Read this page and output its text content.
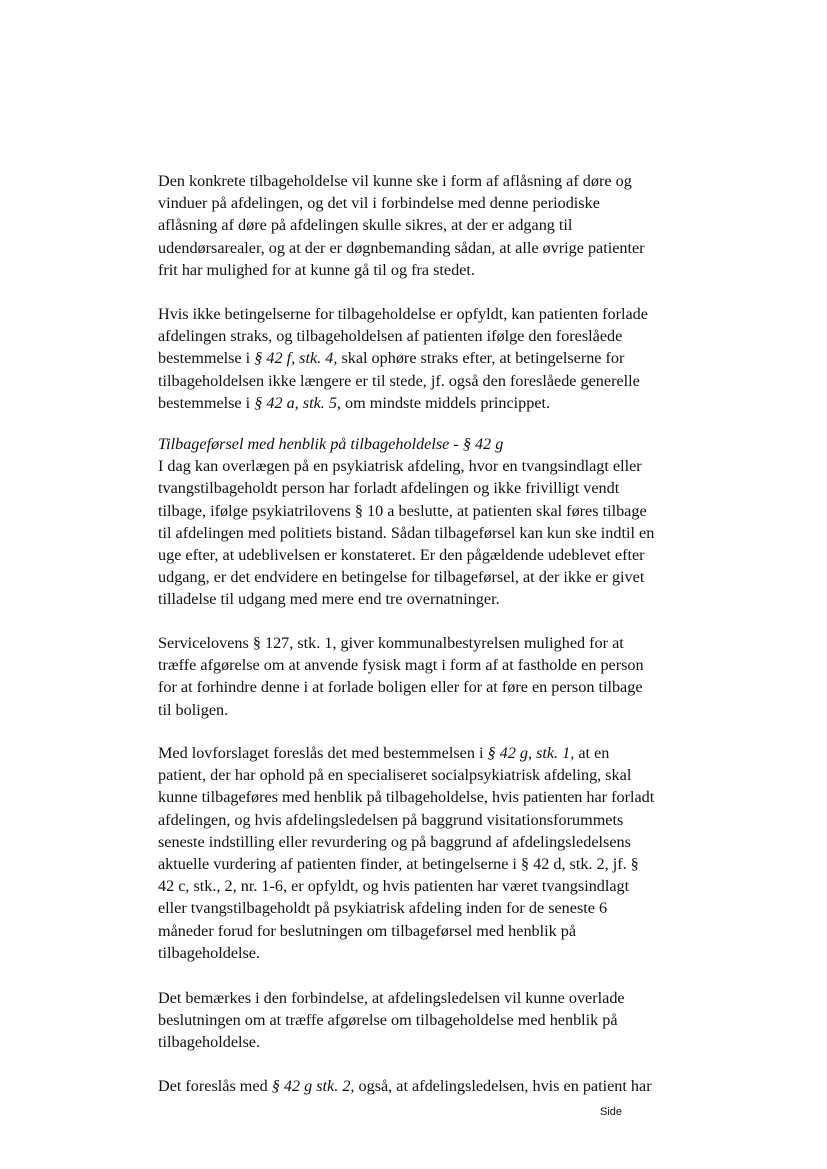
Den konkrete tilbageholdelse vil kunne ske i form af aflåsning af døre og
vinduer på afdelingen, og det vil i forbindelse med denne periodiske
aflåsning af døre på afdelingen skulle sikres, at der er adgang til
udendørsarealer, og at der er døgnbemanding sådan, at alle øvrige patienter
frit har mulighed for at kunne gå til og fra stedet.
Hvis ikke betingelserne for tilbageholdelse er opfyldt, kan patienten forlade
afdelingen straks, og tilbageholdelsen af patienten ifølge den foreslåede
bestemmelse i § 42 f, stk. 4, skal ophøre straks efter, at betingelserne for
tilbageholdelsen ikke længere er til stede, jf. også den foreslåede generelle
bestemmelse i § 42 a, stk. 5, om mindste middels princippet.
Tilbageførsel med henblik på tilbageholdelse - § 42 g
I dag kan overlægen på en psykiatrisk afdeling, hvor en tvangsindlagt eller
tvangstilbageholdt person har forladt afdelingen og ikke frivilligt vendt
tilbage, ifølge psykiatrilovens § 10 a beslutte, at patienten skal føres tilbage
til afdelingen med politiets bistand. Sådan tilbageførsel kan kun ske indtil en
uge efter, at udeblivelsen er konstateret. Er den pågældende udeblevet efter
udgang, er det endvidere en betingelse for tilbageførsel, at der ikke er givet
tilladelse til udgang med mere end tre overnatninger.
Servicelovens § 127, stk. 1, giver kommunalbestyrelsen mulighed for at
træffe afgørelse om at anvende fysisk magt i form af at fastholde en person
for at forhindre denne i at forlade boligen eller for at føre en person tilbage
til boligen.
Med lovforslaget foreslås det med bestemmelsen i § 42 g, stk. 1, at en
patient, der har ophold på en specialiseret socialpsykiatrisk afdeling, skal
kunne tilbageføres med henblik på tilbageholdelse, hvis patienten har forladt
afdelingen, og hvis afdelingsledelsen på baggrund visitationsforummets
seneste indstilling eller revurdering og på baggrund af afdelingsledelsens
aktuelle vurdering af patienten finder, at betingelserne i § 42 d, stk. 2, jf. §
42 c, stk., 2, nr. 1-6, er opfyldt, og hvis patienten har været tvangsindlagt
eller tvangstilbageholdt på psykiatrisk afdeling inden for de seneste 6
måneder forud for beslutningen om tilbageførsel med henblik på
tilbageholdelse.
Det bemærkes i den forbindelse, at afdelingsledelsen vil kunne overlade
beslutningen om at træffe afgørelse om tilbageholdelse med henblik på
tilbageholdelse.
Det foreslås med § 42 g stk. 2, også, at afdelingsledelsen, hvis en patient har
Side
